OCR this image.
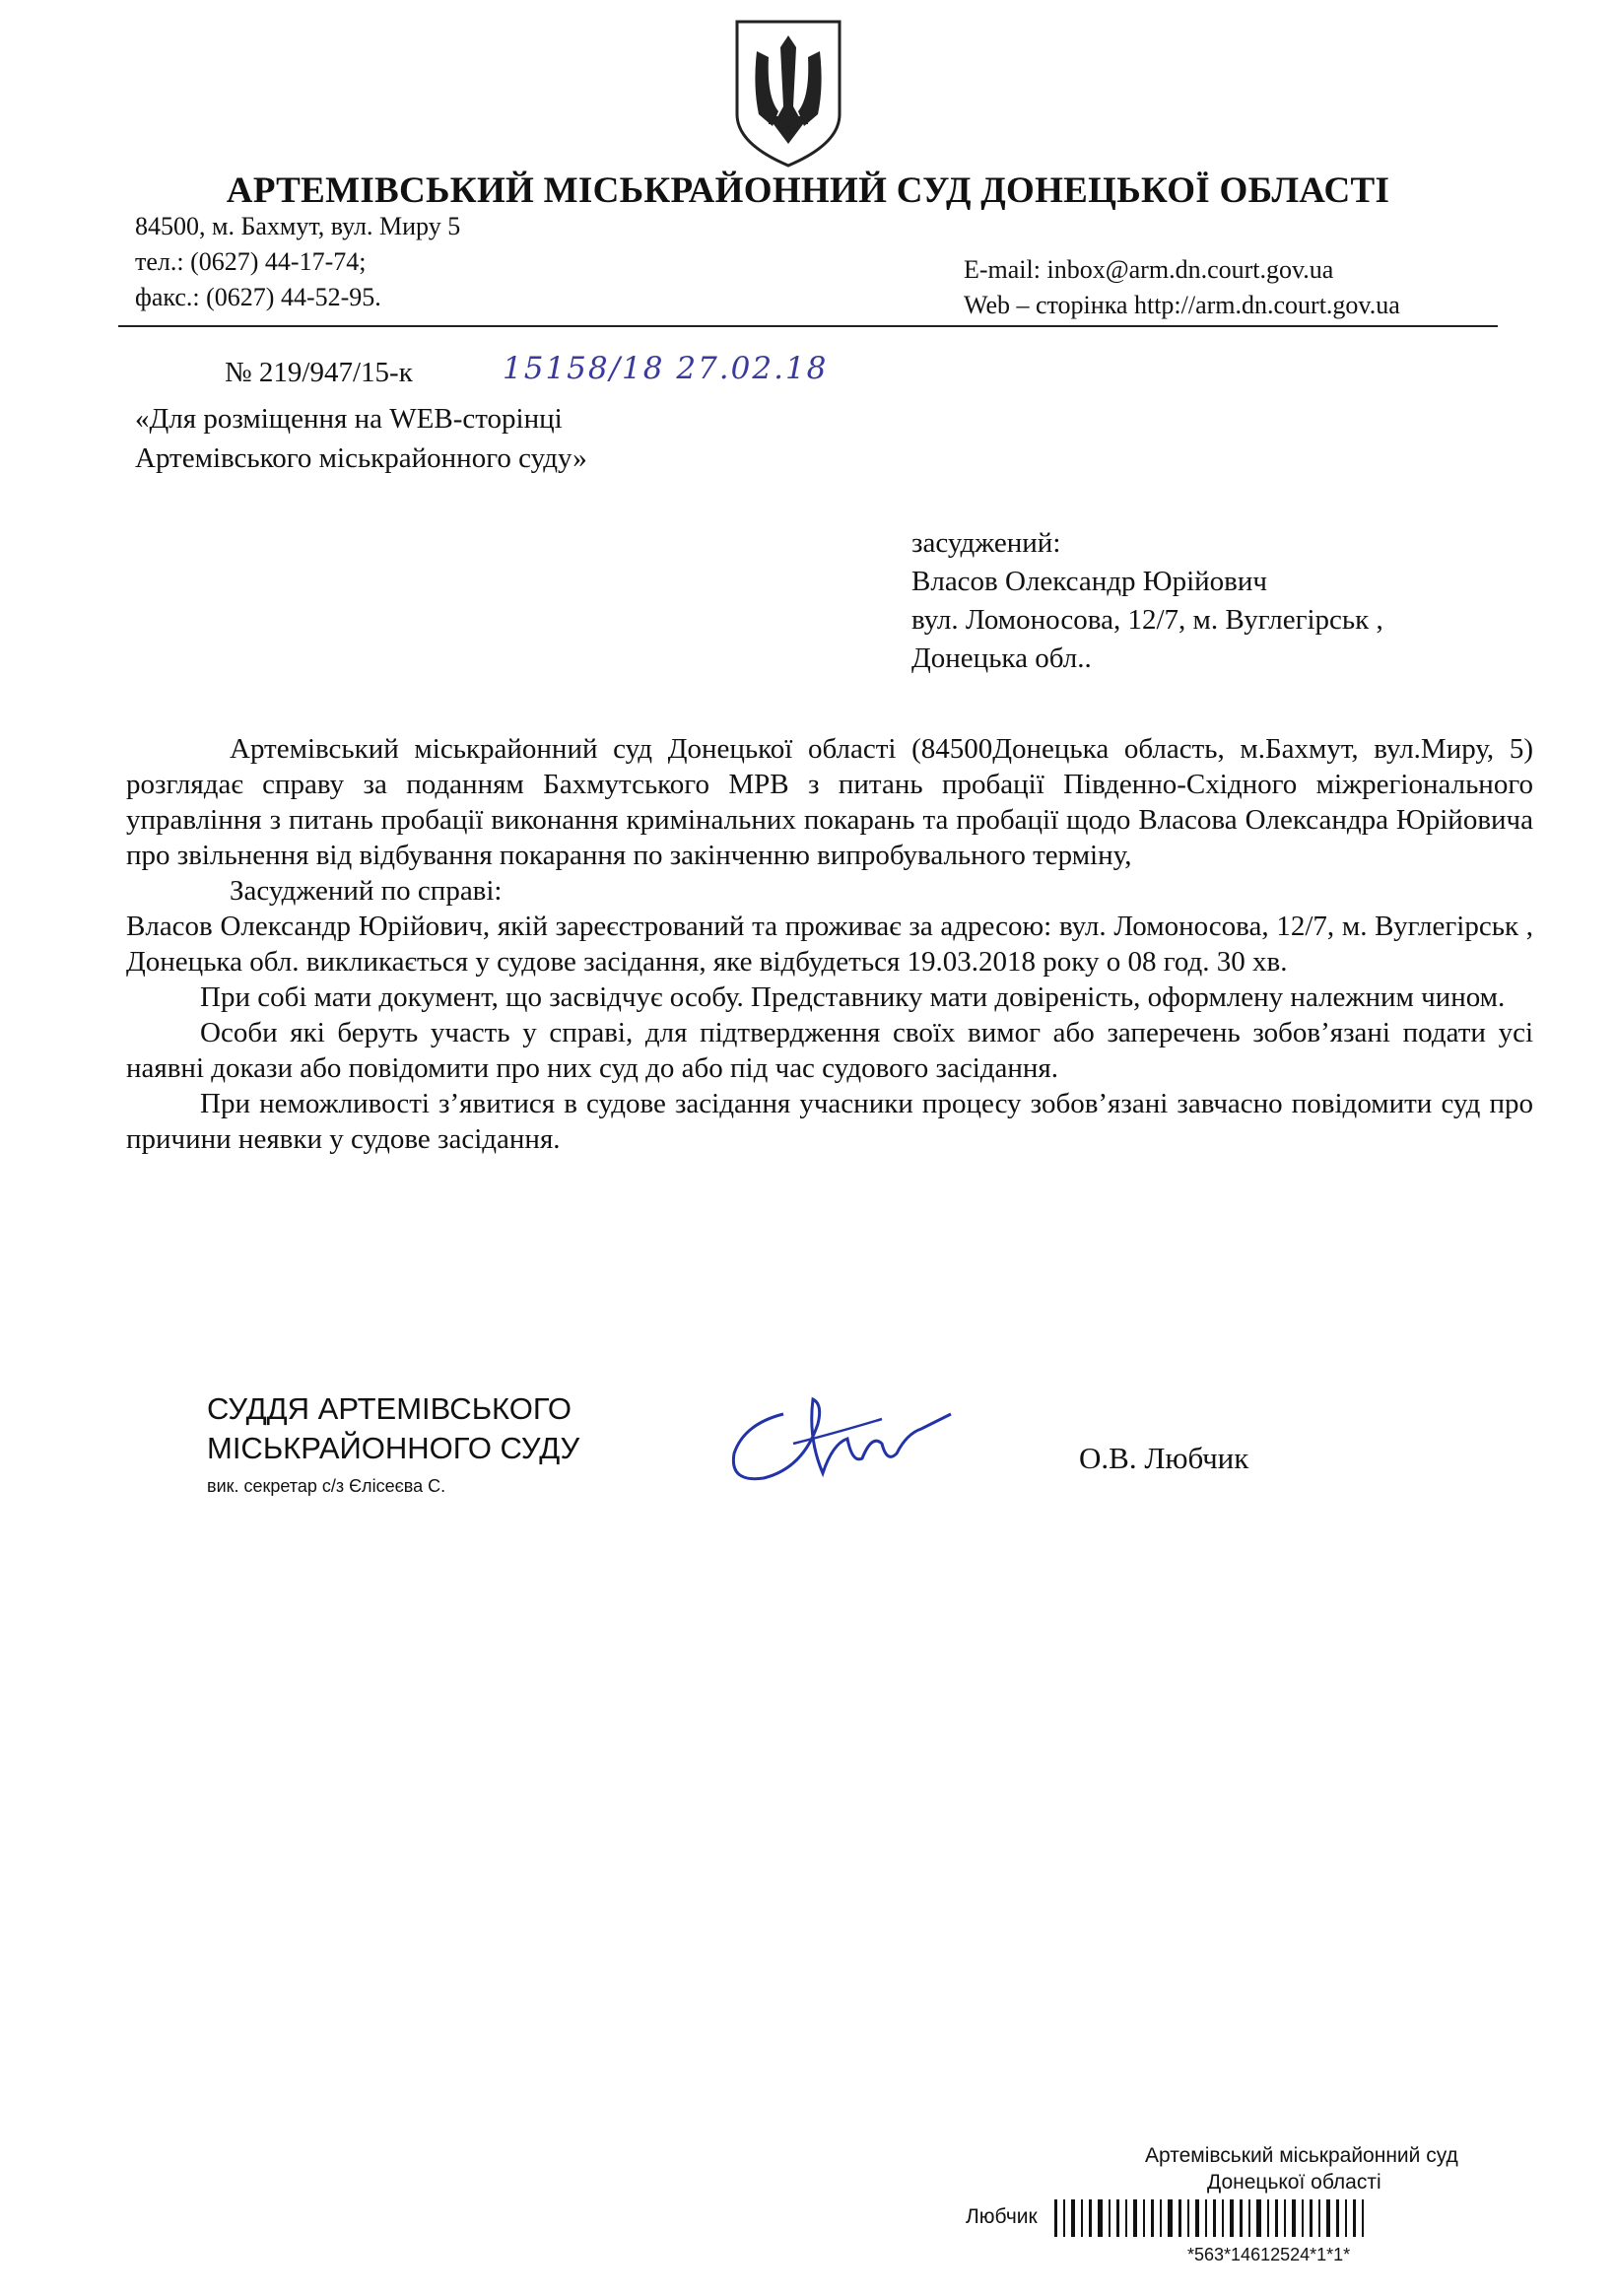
АРТЕМІВСЬКИЙ МІСЬКРАЙОННИЙ СУД ДОНЕЦЬКОЇ ОБЛАСТІ
84500, м. Бахмут, вул. Миру 5
тел.: (0627) 44-17-74;
факс.: (0627) 44-52-95.
E-mail: inbox@arm.dn.court.gov.ua
Web – сторінка http://arm.dn.court.gov.ua
№ 219/947/15-к	15158/18 27.02.18
«Для розміщення на WEB-сторінці
Артемівського міськрайонного суду»
засуджений:
Власов Олександр Юрійович
вул. Ломоносова, 12/7, м. Вуглегірськ ,
Донецька обл..

Артемівський міськрайонний суд Донецької області (84500Донецька область, м.Бахмут, вул.Миру, 5) розглядає справу за поданням Бахмутського МРВ з питань пробації Південно-Східного міжрегіонального управління з питань пробації виконання кримінальних покарань та пробації щодо Власова Олександра Юрійовича про звільнення від відбування покарання по закінченню випробувального терміну,

Засуджений по справі:

Власов Олександр Юрійович, якій зареєстрований та проживає за адресою: вул. Ломоносова, 12/7, м. Вуглегірськ , Донецька обл. викликається у судове засідання, яке відбудеться 19.03.2018 року о 08 год. 30 хв.

При собі мати документ, що засвідчує особу. Представнику мати довіреність, оформлену належним чином.

Особи які беруть участь у справі, для підтвердження своїх вимог або заперечень зобов’язані подати усі наявні докази або повідомити про них суд до або під час судового засідання.

При неможливості з’явитися в судове засідання учасники процесу зобов’язані завчасно повідомити суд про причини неявки у судове засідання.

СУДДЯ АРТЕМІВСЬКОГО
МІСЬКРАЙОННОГО СУДУ
вик. секретар с/з Єлісеєва С.
О.В. Любчик
Артемівський міськрайонний суд
Донецької області
Любчик
*563*14612524*1*1*
